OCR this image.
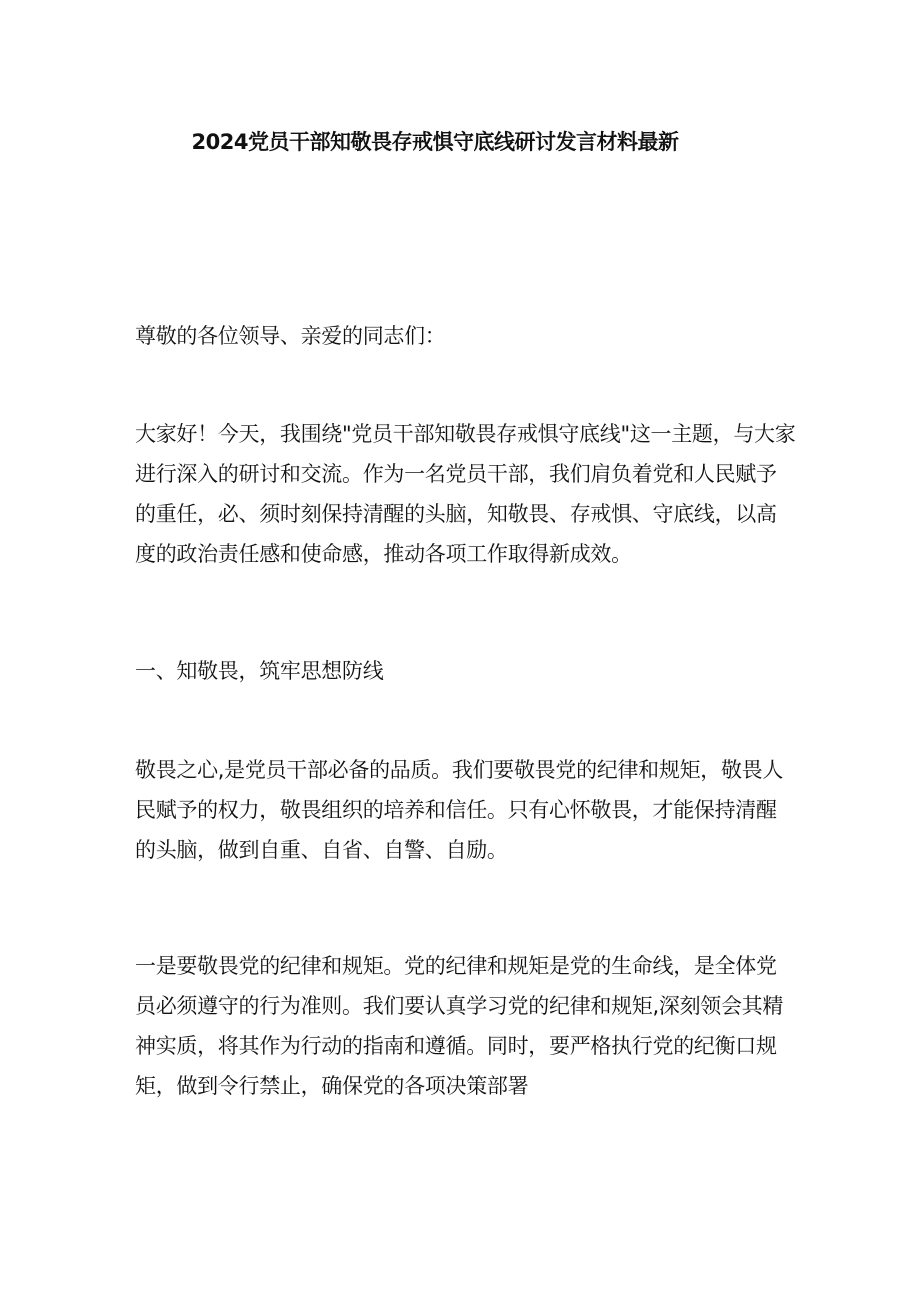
2024党员干部知敬畏存戒惧守底线研讨发言材料最新

尊敬的各位领导、亲爱的同志们：

大家好！今天，我围绕"党员干部知敬畏存戒惧守底线"这一主题，与大家进行深入的研讨和交流。作为一名党员干部，我们肩负着党和人民赋予的重任，必、须时刻保持清醒的头脑，知敬畏、存戒惧、守底线，以高度的政治责任感和使命感，推动各项工作取得新成效。

一、知敬畏，筑牢思想防线

敬畏之心,是党员干部必备的品质。我们要敬畏党的纪律和规矩，敬畏人民赋予的权力，敬畏组织的培养和信任。只有心怀敬畏，才能保持清醒的头脑，做到自重、自省、自警、自励。

一是要敬畏党的纪律和规矩。党的纪律和规矩是党的生命线，是全体党员必须遵守的行为准则。我们要认真学习党的纪律和规矩,深刻领会其精神实质，将其作为行动的指南和遵循。同时，要严格执行党的纪衡口规矩，做到令行禁止，确保党的各项决策部署
